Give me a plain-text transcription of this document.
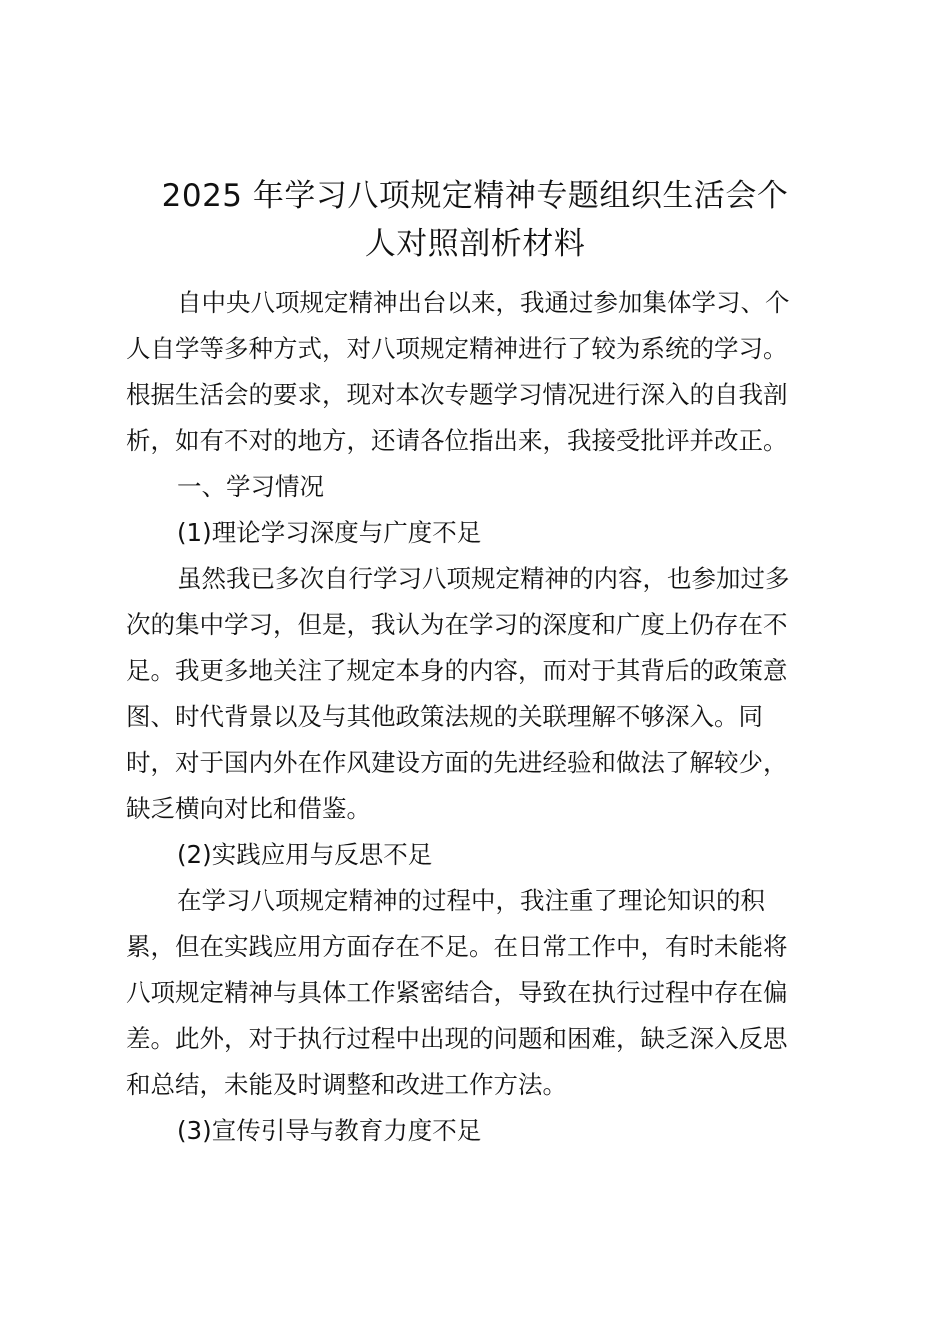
2025 年学习八项规定精神专题组织生活会个
人对照剖析材料

自中央八项规定精神出台以来，我通过参加集体学习、个
人自学等多种方式，对八项规定精神进行了较为系统的学习。
根据生活会的要求，现对本次专题学习情况进行深入的自我剖
析，如有不对的地方，还请各位指出来，我接受批评并改正。

一、学习情况

(1)理论学习深度与广度不足

虽然我已多次自行学习八项规定精神的内容，也参加过多
次的集中学习，但是，我认为在学习的深度和广度上仍存在不
足。我更多地关注了规定本身的内容，而对于其背后的政策意
图、时代背景以及与其他政策法规的关联理解不够深入。同
时，对于国内外在作风建设方面的先进经验和做法了解较少，
缺乏横向对比和借鉴。

(2)实践应用与反思不足

在学习八项规定精神的过程中，我注重了理论知识的积
累，但在实践应用方面存在不足。在日常工作中，有时未能将
八项规定精神与具体工作紧密结合，导致在执行过程中存在偏
差。此外，对于执行过程中出现的问题和困难，缺乏深入反思
和总结，未能及时调整和改进工作方法。

(3)宣传引导与教育力度不足
